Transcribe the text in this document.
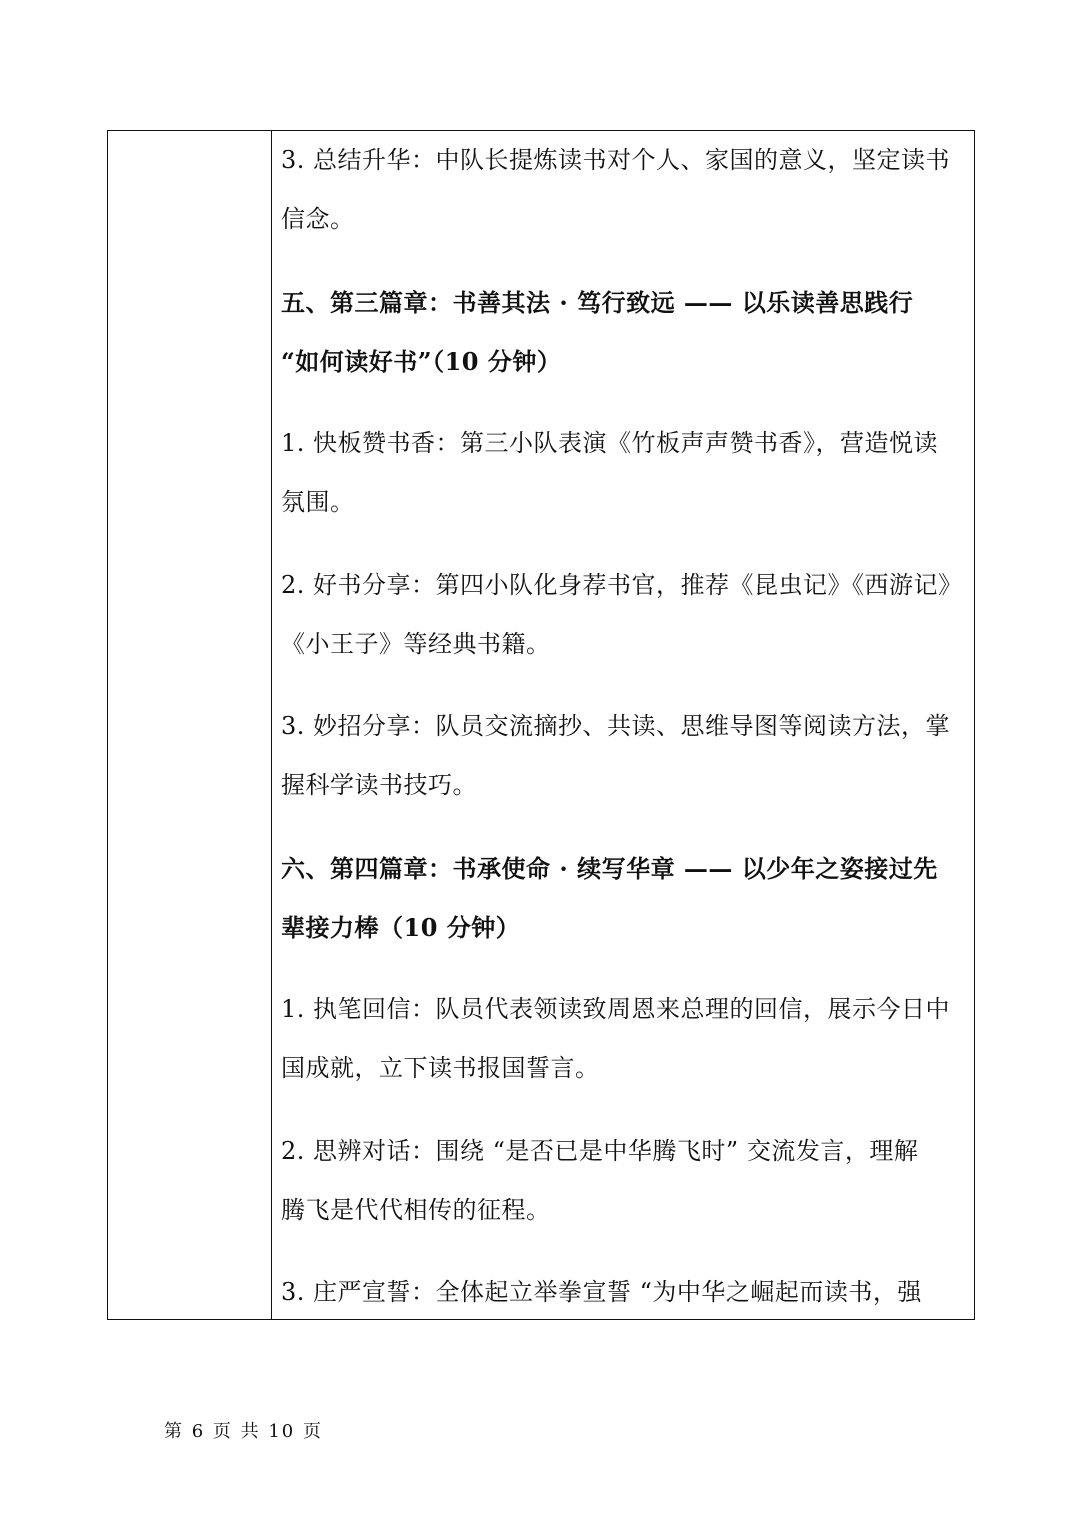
3. 总结升华：中队长提炼读书对个人、家国的意义，坚定读书
信念。

五、第三篇章：书善其法 · 笃行致远 —— 以乐读善思践行
“如何读好书”（10 分钟）

1. 快板赞书香：第三小队表演《竹板声声赞书香》，营造悦读
氛围。

2. 好书分享：第四小队化身荐书官，推荐《昆虫记》《西游记》
《小王子》等经典书籍。

3. 妙招分享：队员交流摘抄、共读、思维导图等阅读方法，掌
握科学读书技巧。

六、第四篇章：书承使命 · 续写华章 —— 以少年之姿接过先
辈接力棒（10 分钟）

1. 执笔回信：队员代表领读致周恩来总理的回信，展示今日中
国成就，立下读书报国誓言。

2. 思辨对话：围绕 “是否已是中华腾飞时” 交流发言，理解
腾飞是代代相传的征程。

3. 庄严宣誓：全体起立举拳宣誓 “为中华之崛起而读书，强

第 6 页 共 10 页
